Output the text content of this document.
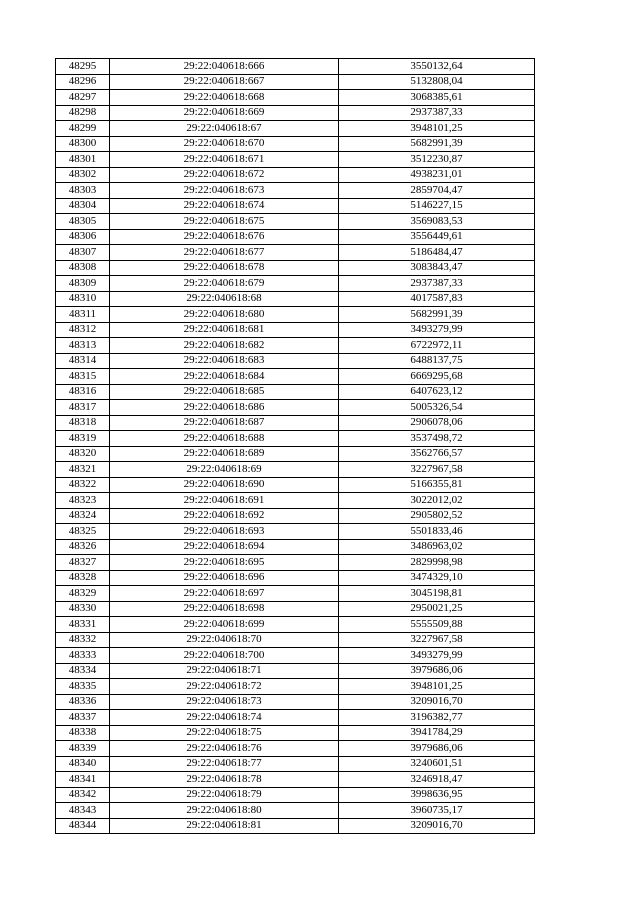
48295	29:22:040618:666	3550132,64
48296	29:22:040618:667	5132808,04
48297	29:22:040618:668	3068385,61
48298	29:22:040618:669	2937387,33
48299	29:22:040618:67	3948101,25
48300	29:22:040618:670	5682991,39
48301	29:22:040618:671	3512230,87
48302	29:22:040618:672	4938231,01
48303	29:22:040618:673	2859704,47
48304	29:22:040618:674	5146227,15
48305	29:22:040618:675	3569083,53
48306	29:22:040618:676	3556449,61
48307	29:22:040618:677	5186484,47
48308	29:22:040618:678	3083843,47
48309	29:22:040618:679	2937387,33
48310	29:22:040618:68	4017587,83
48311	29:22:040618:680	5682991,39
48312	29:22:040618:681	3493279,99
48313	29:22:040618:682	6722972,11
48314	29:22:040618:683	6488137,75
48315	29:22:040618:684	6669295,68
48316	29:22:040618:685	6407623,12
48317	29:22:040618:686	5005326,54
48318	29:22:040618:687	2906078,06
48319	29:22:040618:688	3537498,72
48320	29:22:040618:689	3562766,57
48321	29:22:040618:69	3227967,58
48322	29:22:040618:690	5166355,81
48323	29:22:040618:691	3022012,02
48324	29:22:040618:692	2905802,52
48325	29:22:040618:693	5501833,46
48326	29:22:040618:694	3486963,02
48327	29:22:040618:695	2829998,98
48328	29:22:040618:696	3474329,10
48329	29:22:040618:697	3045198,81
48330	29:22:040618:698	2950021,25
48331	29:22:040618:699	5555509,88
48332	29:22:040618:70	3227967,58
48333	29:22:040618:700	3493279,99
48334	29:22:040618:71	3979686,06
48335	29:22:040618:72	3948101,25
48336	29:22:040618:73	3209016,70
48337	29:22:040618:74	3196382,77
48338	29:22:040618:75	3941784,29
48339	29:22:040618:76	3979686,06
48340	29:22:040618:77	3240601,51
48341	29:22:040618:78	3246918,47
48342	29:22:040618:79	3998636,95
48343	29:22:040618:80	3960735,17
48344	29:22:040618:81	3209016,70
